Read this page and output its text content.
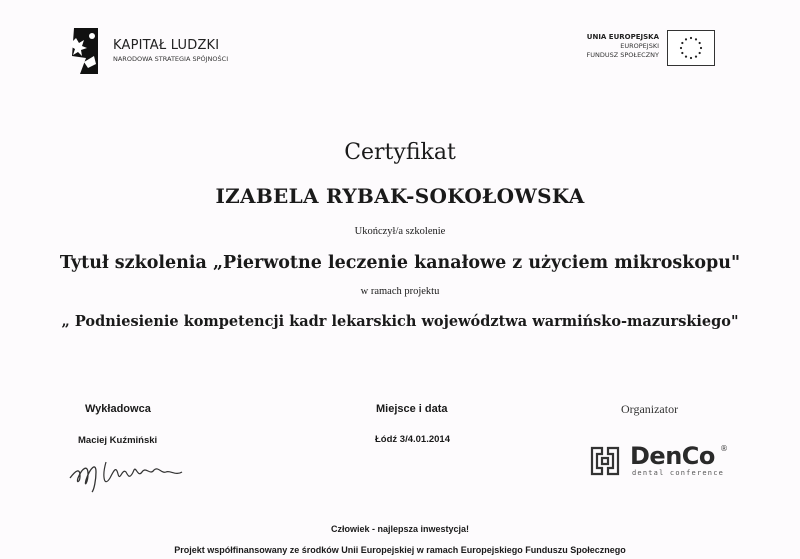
KAPITAŁ LUDZKI
NARODOWA STRATEGIA SPÓJNOŚCI
UNIA EUROPEJSKA
EUROPEJSKI
FUNDUSZ SPOŁECZNY
Certyfikat
IZABELA RYBAK-SOKOŁOWSKA
Ukończył/a szkolenie
Tytuł szkolenia „Pierwotne leczenie kanałowe z użyciem mikroskopu"
w ramach projektu
„ Podniesienie kompetencji kadr lekarskich województwa warmińsko-mazurskiego"
Wykładowca
Maciej Kuźmiński
Miejsce i data
Łódź 3/4.01.2014
Organizator
DenCo ®
dental conference
Człowiek - najlepsza inwestycja!
Projekt współfinansowany ze środków Unii Europejskiej w ramach Europejskiego Funduszu Społecznego
